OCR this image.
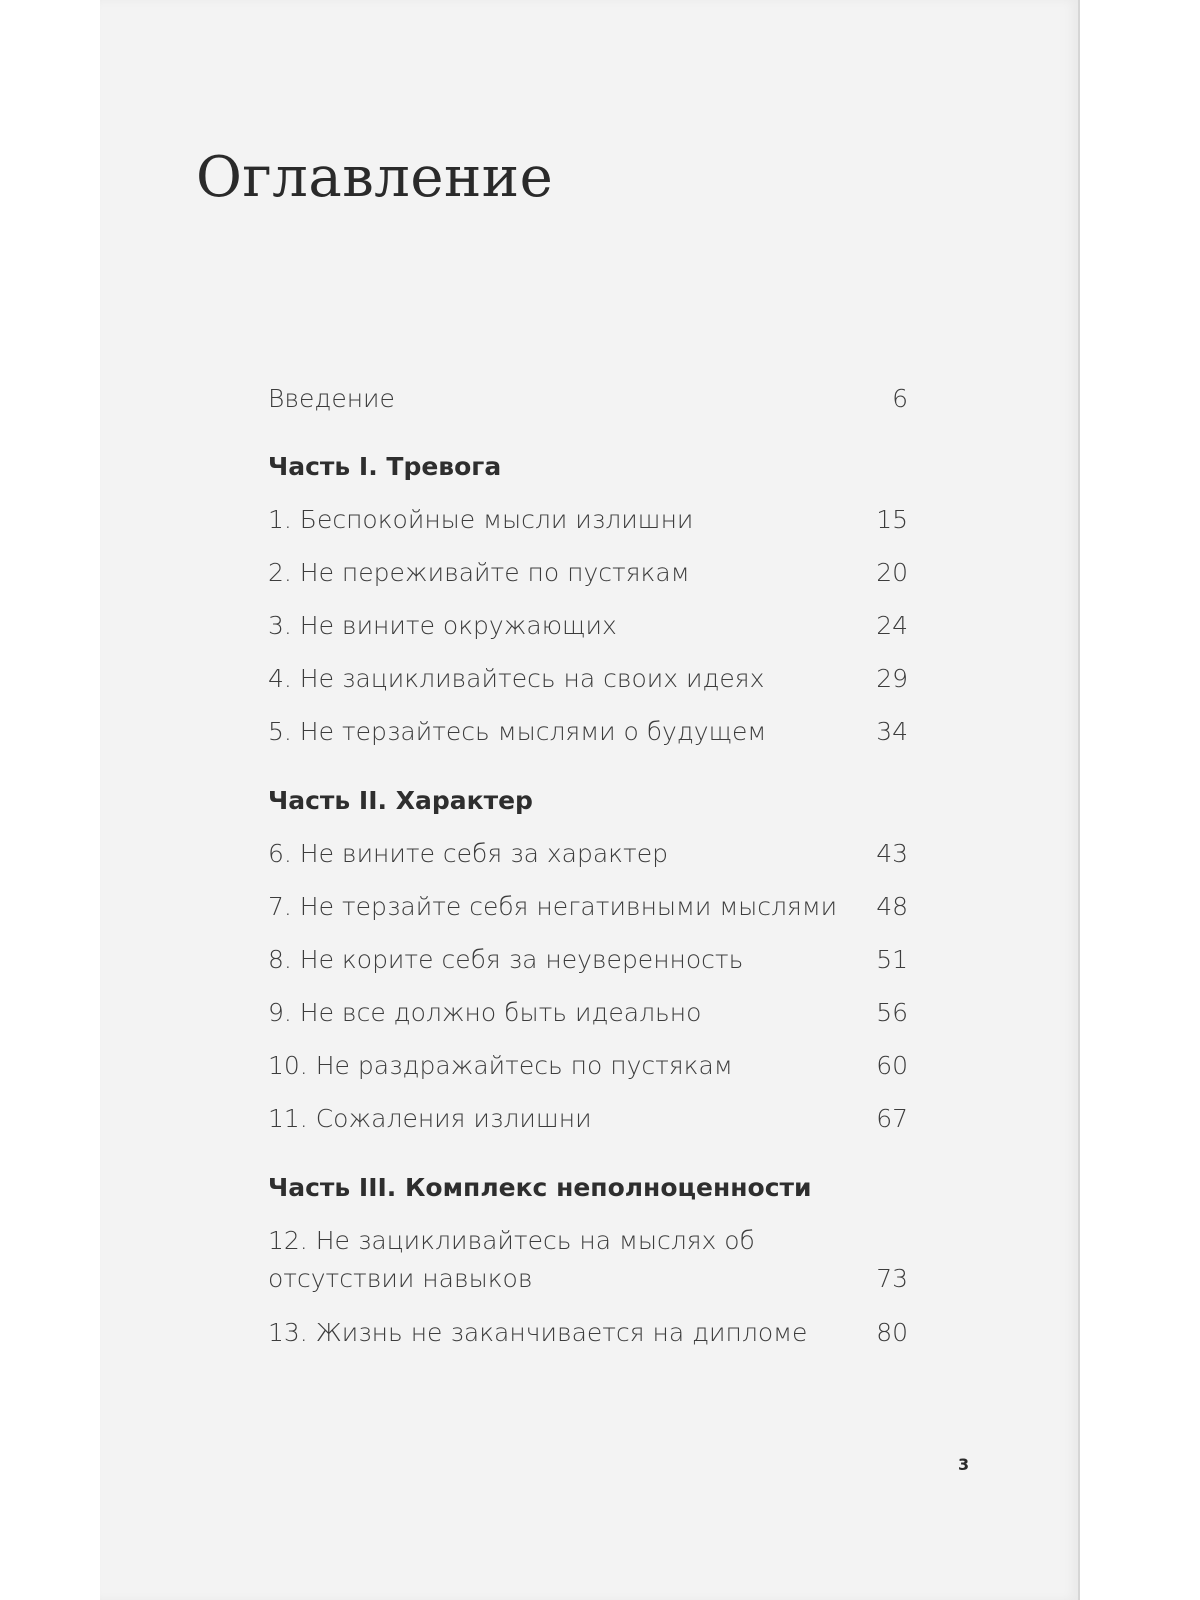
Оглавление
Введение	6
Часть I. Тревога
1. Беспокойные мысли излишни	15
2. Не переживайте по пустякам	20
3. Не вините окружающих	24
4. Не зацикливайтесь на своих идеях	29
5. Не терзайтесь мыслями о будущем	34
Часть II. Характер
6. Не вините себя за характер	43
7. Не терзайте себя негативными мыслями 48
8. Не корите себя за неуверенность	51
9. Не все должно быть идеально	56
10. Не раздражайтесь по пустякам	60
11. Сожаления излишни	67
Часть III. Комплекс неполноценности
12. Не зацикливайтесь на мыслях об отсутствии навыков	73
13. Жизнь не заканчивается на дипломе	80
3
